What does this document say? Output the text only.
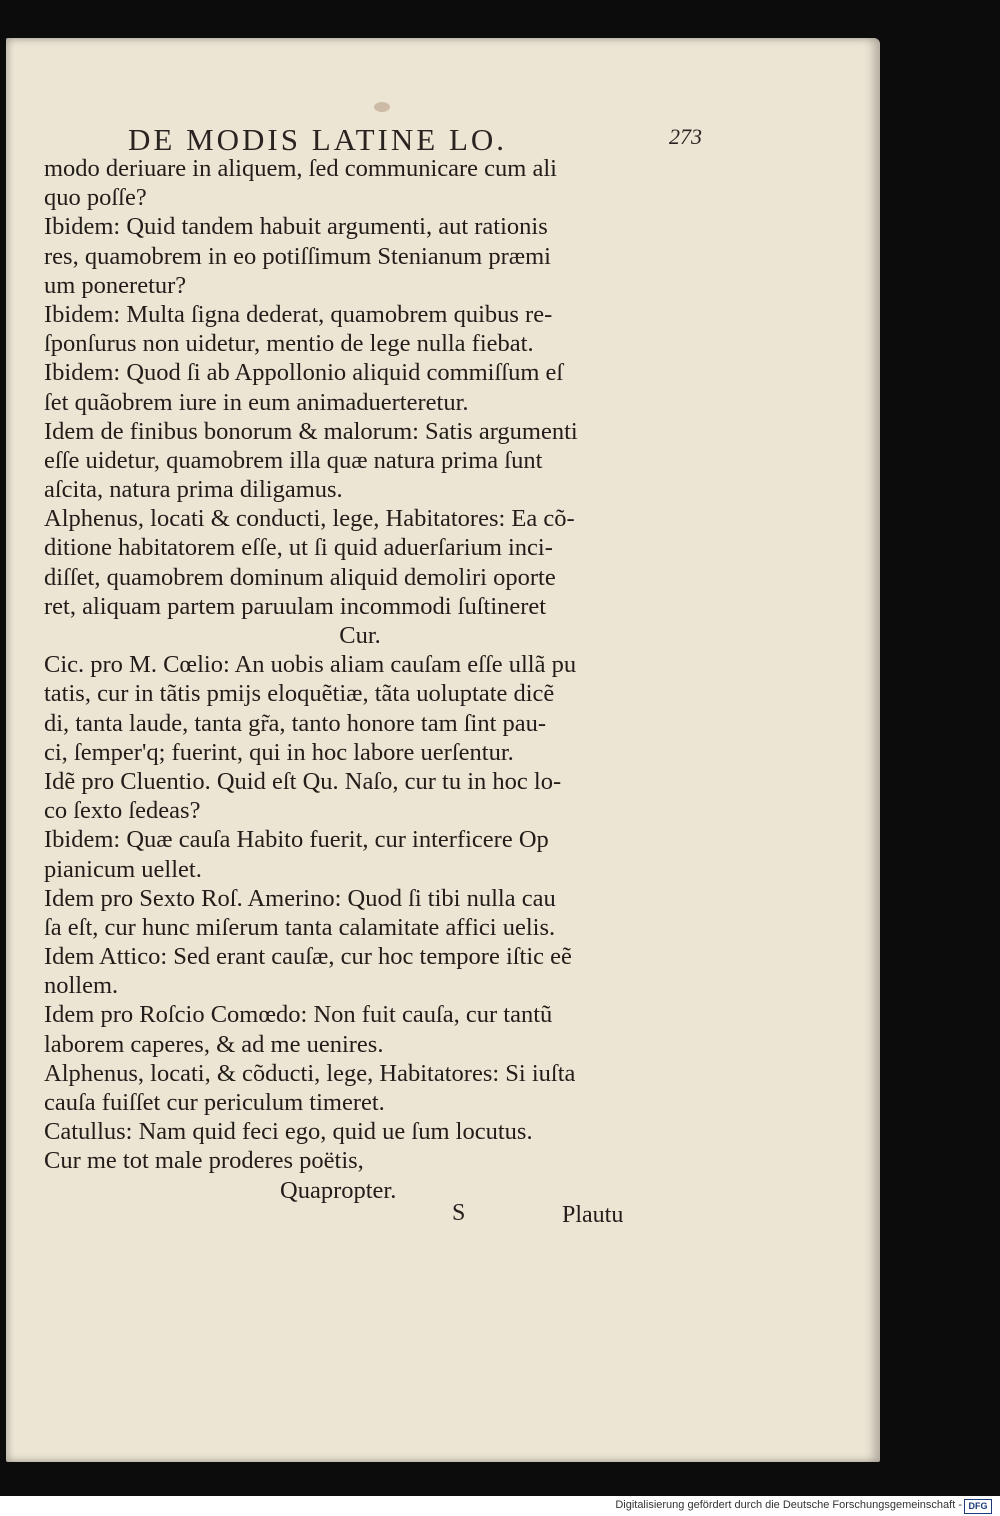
DE MODIS LATINE LO.	273
modo deriuare in aliquem, ſed communicare cum ali
quo poſſe?
Ibidem: Quid tandem habuit argumenti, aut rationis
res, quamobrem in eo potiſſimum Stenianum præmi
um poneretur?
Ibidem: Multa ſigna dederat, quamobrem quibus re-
ſponſurus non uidetur, mentio de lege nulla fiebat.
Ibidem: Quod ſi ab Appollonio aliquid commiſſum eſ
ſet quãobrem iure in eum animaduerteretur.
Idem de finibus bonorum & malorum: Satis argumenti
eſſe uidetur, quamobrem illa quæ natura prima ſunt
aſcita, natura prima diligamus.
Alphenus, locati & conducti, lege, Habitatores: Ea cõ-
ditione habitatorem eſſe, ut ſi quid aduerſarium inci-
diſſet, quamobrem dominum aliquid demoliri oporte
ret, aliquam partem paruulam incommodi ſuſtineret
Cur.
Cic. pro M. Cœlio: An uobis aliam cauſam eſſe ullã pu
tatis, cur in tãtis pmijs eloquẽtiæ, tãta uoluptate dicẽ
di, tanta laude, tanta gr̃a, tanto honore tam ſint pau-
ci, ſemper'q; fuerint, qui in hoc labore uerſentur.
Idẽ pro Cluentio. Quid eſt Qu. Naſo, cur tu in hoc lo-
co ſexto ſedeas?
Ibidem: Quæ cauſa Habito fuerit, cur interficere Op
pianicum uellet.
Idem pro Sexto Roſ. Amerino: Quod ſi tibi nulla cau
ſa eſt, cur hunc miſerum tanta calamitate affici uelis.
Idem Attico: Sed erant cauſæ, cur hoc tempore iſtic eẽ
nollem.
Idem pro Roſcio Comœdo: Non fuit cauſa, cur tantũ
laborem caperes, & ad me uenires.
Alphenus, locati, & cõducti, lege, Habitatores: Si iuſta
cauſa fuiſſet cur periculum timeret.
Catullus: Nam quid feci ego, quid ue ſum locutus.
Cur me tot male proderes poëtis,
Quapropter.
S	Plautu
Digitalisierung gefördert durch die Deutsche Forschungsgemeinschaft - DFG
